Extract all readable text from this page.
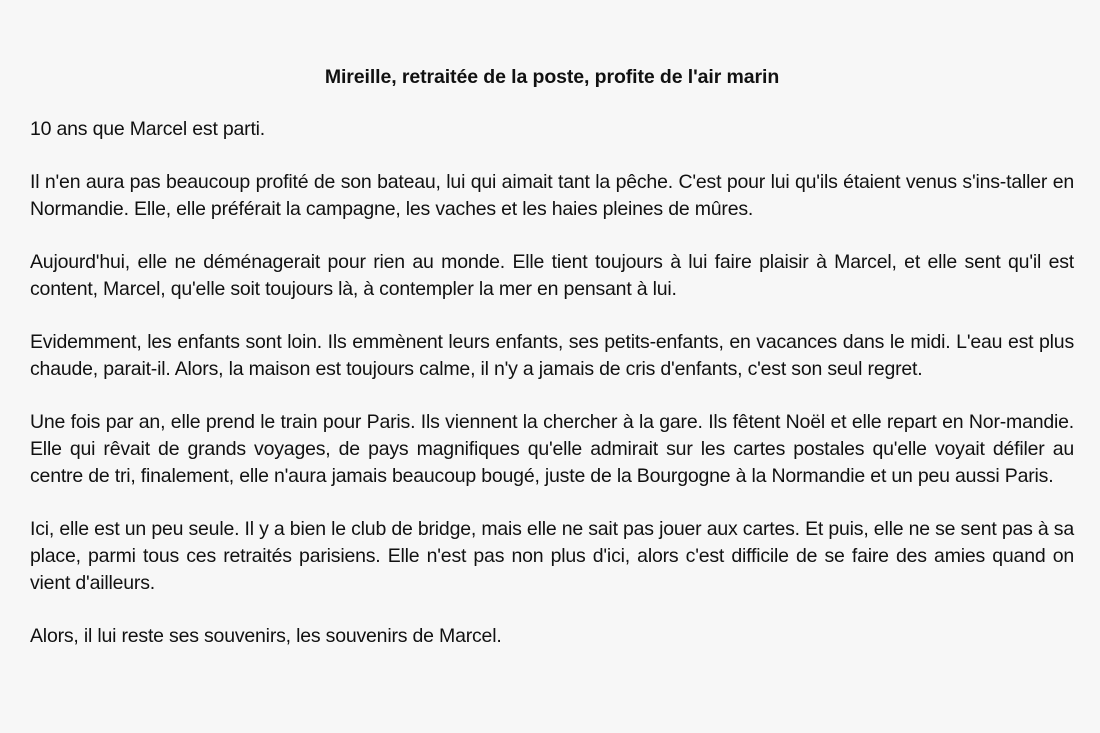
Mireille, retraitée de la poste, profite de l'air marin

10 ans que Marcel est parti.

Il n'en aura pas beaucoup profité de son bateau, lui qui aimait tant la pêche. C'est pour lui qu'ils étaient venus s'ins-taller en Normandie. Elle, elle préférait la campagne, les vaches et les haies pleines de mûres.

Aujourd'hui, elle ne déménagerait pour rien au monde. Elle tient toujours à lui faire plaisir à Marcel, et elle sent qu'il est content, Marcel, qu'elle soit toujours là, à contempler la mer en pensant à lui.

Evidemment, les enfants sont loin. Ils emmènent leurs enfants, ses petits-enfants, en vacances dans le midi. L'eau est plus chaude, parait-il. Alors, la maison est toujours calme, il n'y a jamais de cris d'enfants, c'est son seul regret.

Une fois par an, elle prend le train pour Paris. Ils viennent la chercher à la gare. Ils fêtent Noël et elle repart en Nor-mandie. Elle qui rêvait de grands voyages, de pays magnifiques qu'elle admirait sur les cartes postales qu'elle voyait défiler au centre de tri, finalement, elle n'aura jamais beaucoup bougé, juste de la Bourgogne à la Normandie et un peu aussi Paris.

Ici, elle est un peu seule. Il y a bien le club de bridge, mais elle ne sait pas jouer aux cartes. Et puis, elle ne se sent pas à sa place, parmi tous ces retraités parisiens. Elle n'est pas non plus d'ici, alors c'est difficile de se faire des amies quand on vient d'ailleurs.

Alors, il lui reste ses souvenirs, les souvenirs de Marcel.
